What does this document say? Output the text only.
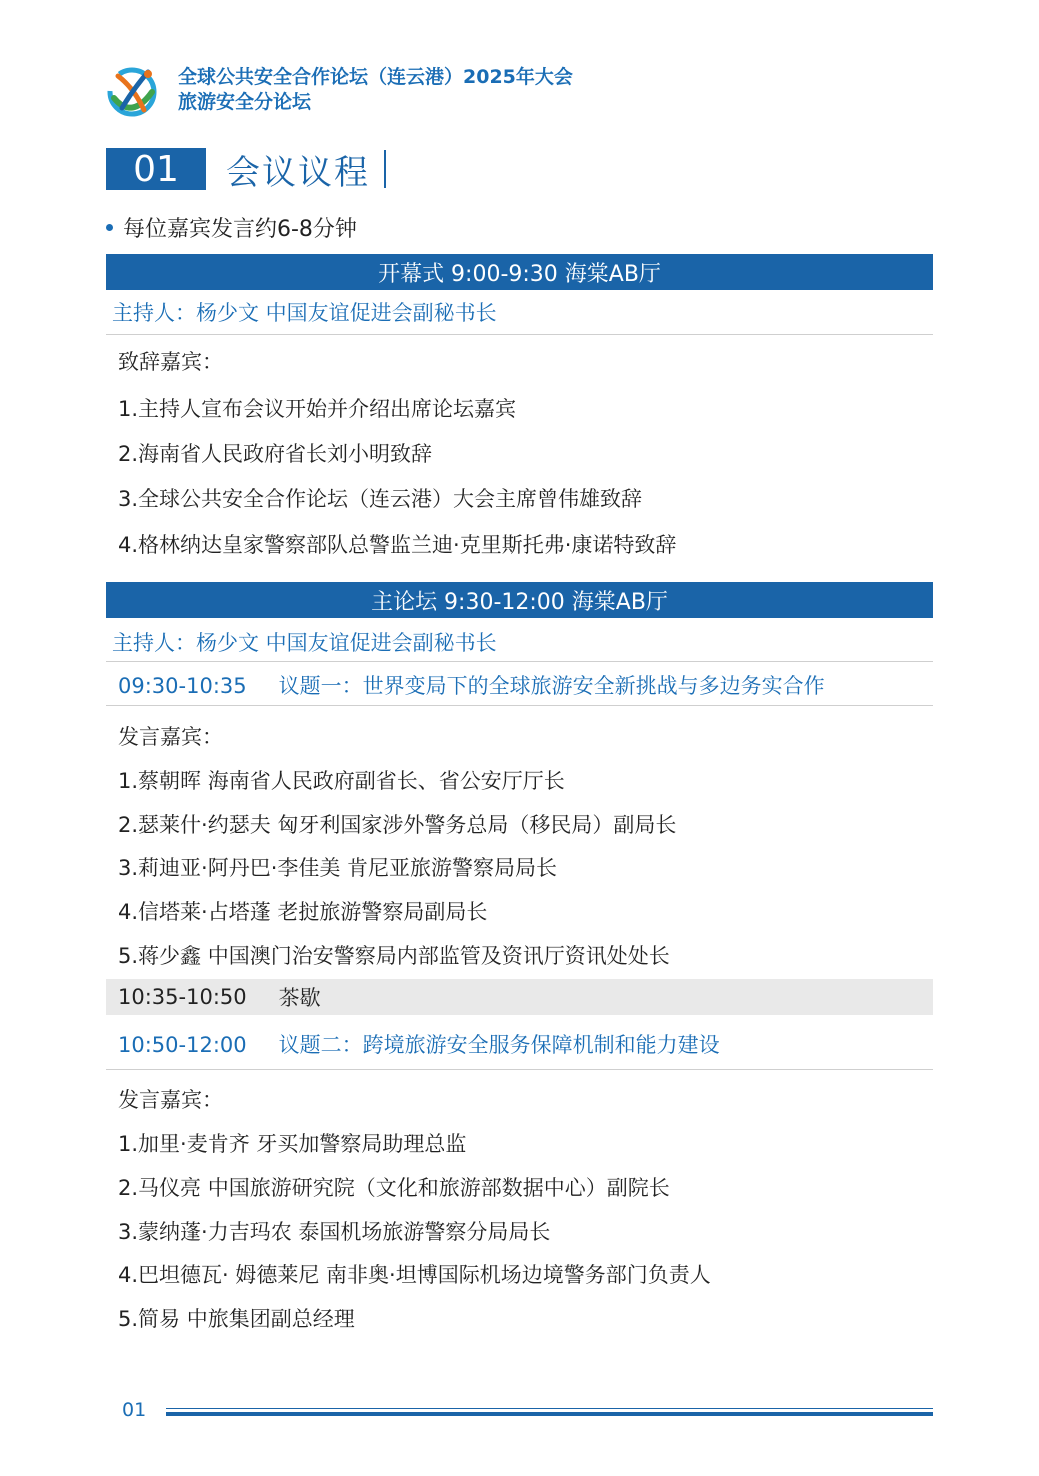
全球公共安全合作论坛（连云港）2025年大会
旅游安全分论坛
01	会议议程
每位嘉宾发言约6-8分钟
开幕式 9:00-9:30 海棠AB厅
主持人：杨少文 中国友谊促进会副秘书长
致辞嘉宾：
1.主持人宣布会议开始并介绍出席论坛嘉宾
2.海南省人民政府省长刘小明致辞
3.全球公共安全合作论坛（连云港）大会主席曾伟雄致辞
4.格林纳达皇家警察部队总警监兰迪·克里斯托弗·康诺特致辞
主论坛 9:30-12:00 海棠AB厅
主持人：杨少文 中国友谊促进会副秘书长
09:30-10:35 议题一：世界变局下的全球旅游安全新挑战与多边务实合作
发言嘉宾：
1.蔡朝晖 海南省人民政府副省长、省公安厅厅长
2.瑟莱什·约瑟夫 匈牙利国家涉外警务总局（移民局）副局长
3.莉迪亚·阿丹巴·李佳美 肯尼亚旅游警察局局长
4.信塔莱·占塔蓬 老挝旅游警察局副局长
5.蒋少鑫 中国澳门治安警察局内部监管及资讯厅资讯处处长
10:35-10:50 茶歇
10:50-12:00 议题二：跨境旅游安全服务保障机制和能力建设
发言嘉宾：
1.加里·麦肯齐 牙买加警察局助理总监
2.马仪亮 中国旅游研究院（文化和旅游部数据中心）副院长
3.蒙纳蓬·力吉玛农 泰国机场旅游警察分局局长
4.巴坦德瓦· 姆德莱尼 南非奥·坦博国际机场边境警务部门负责人
5.简易 中旅集团副总经理
01
